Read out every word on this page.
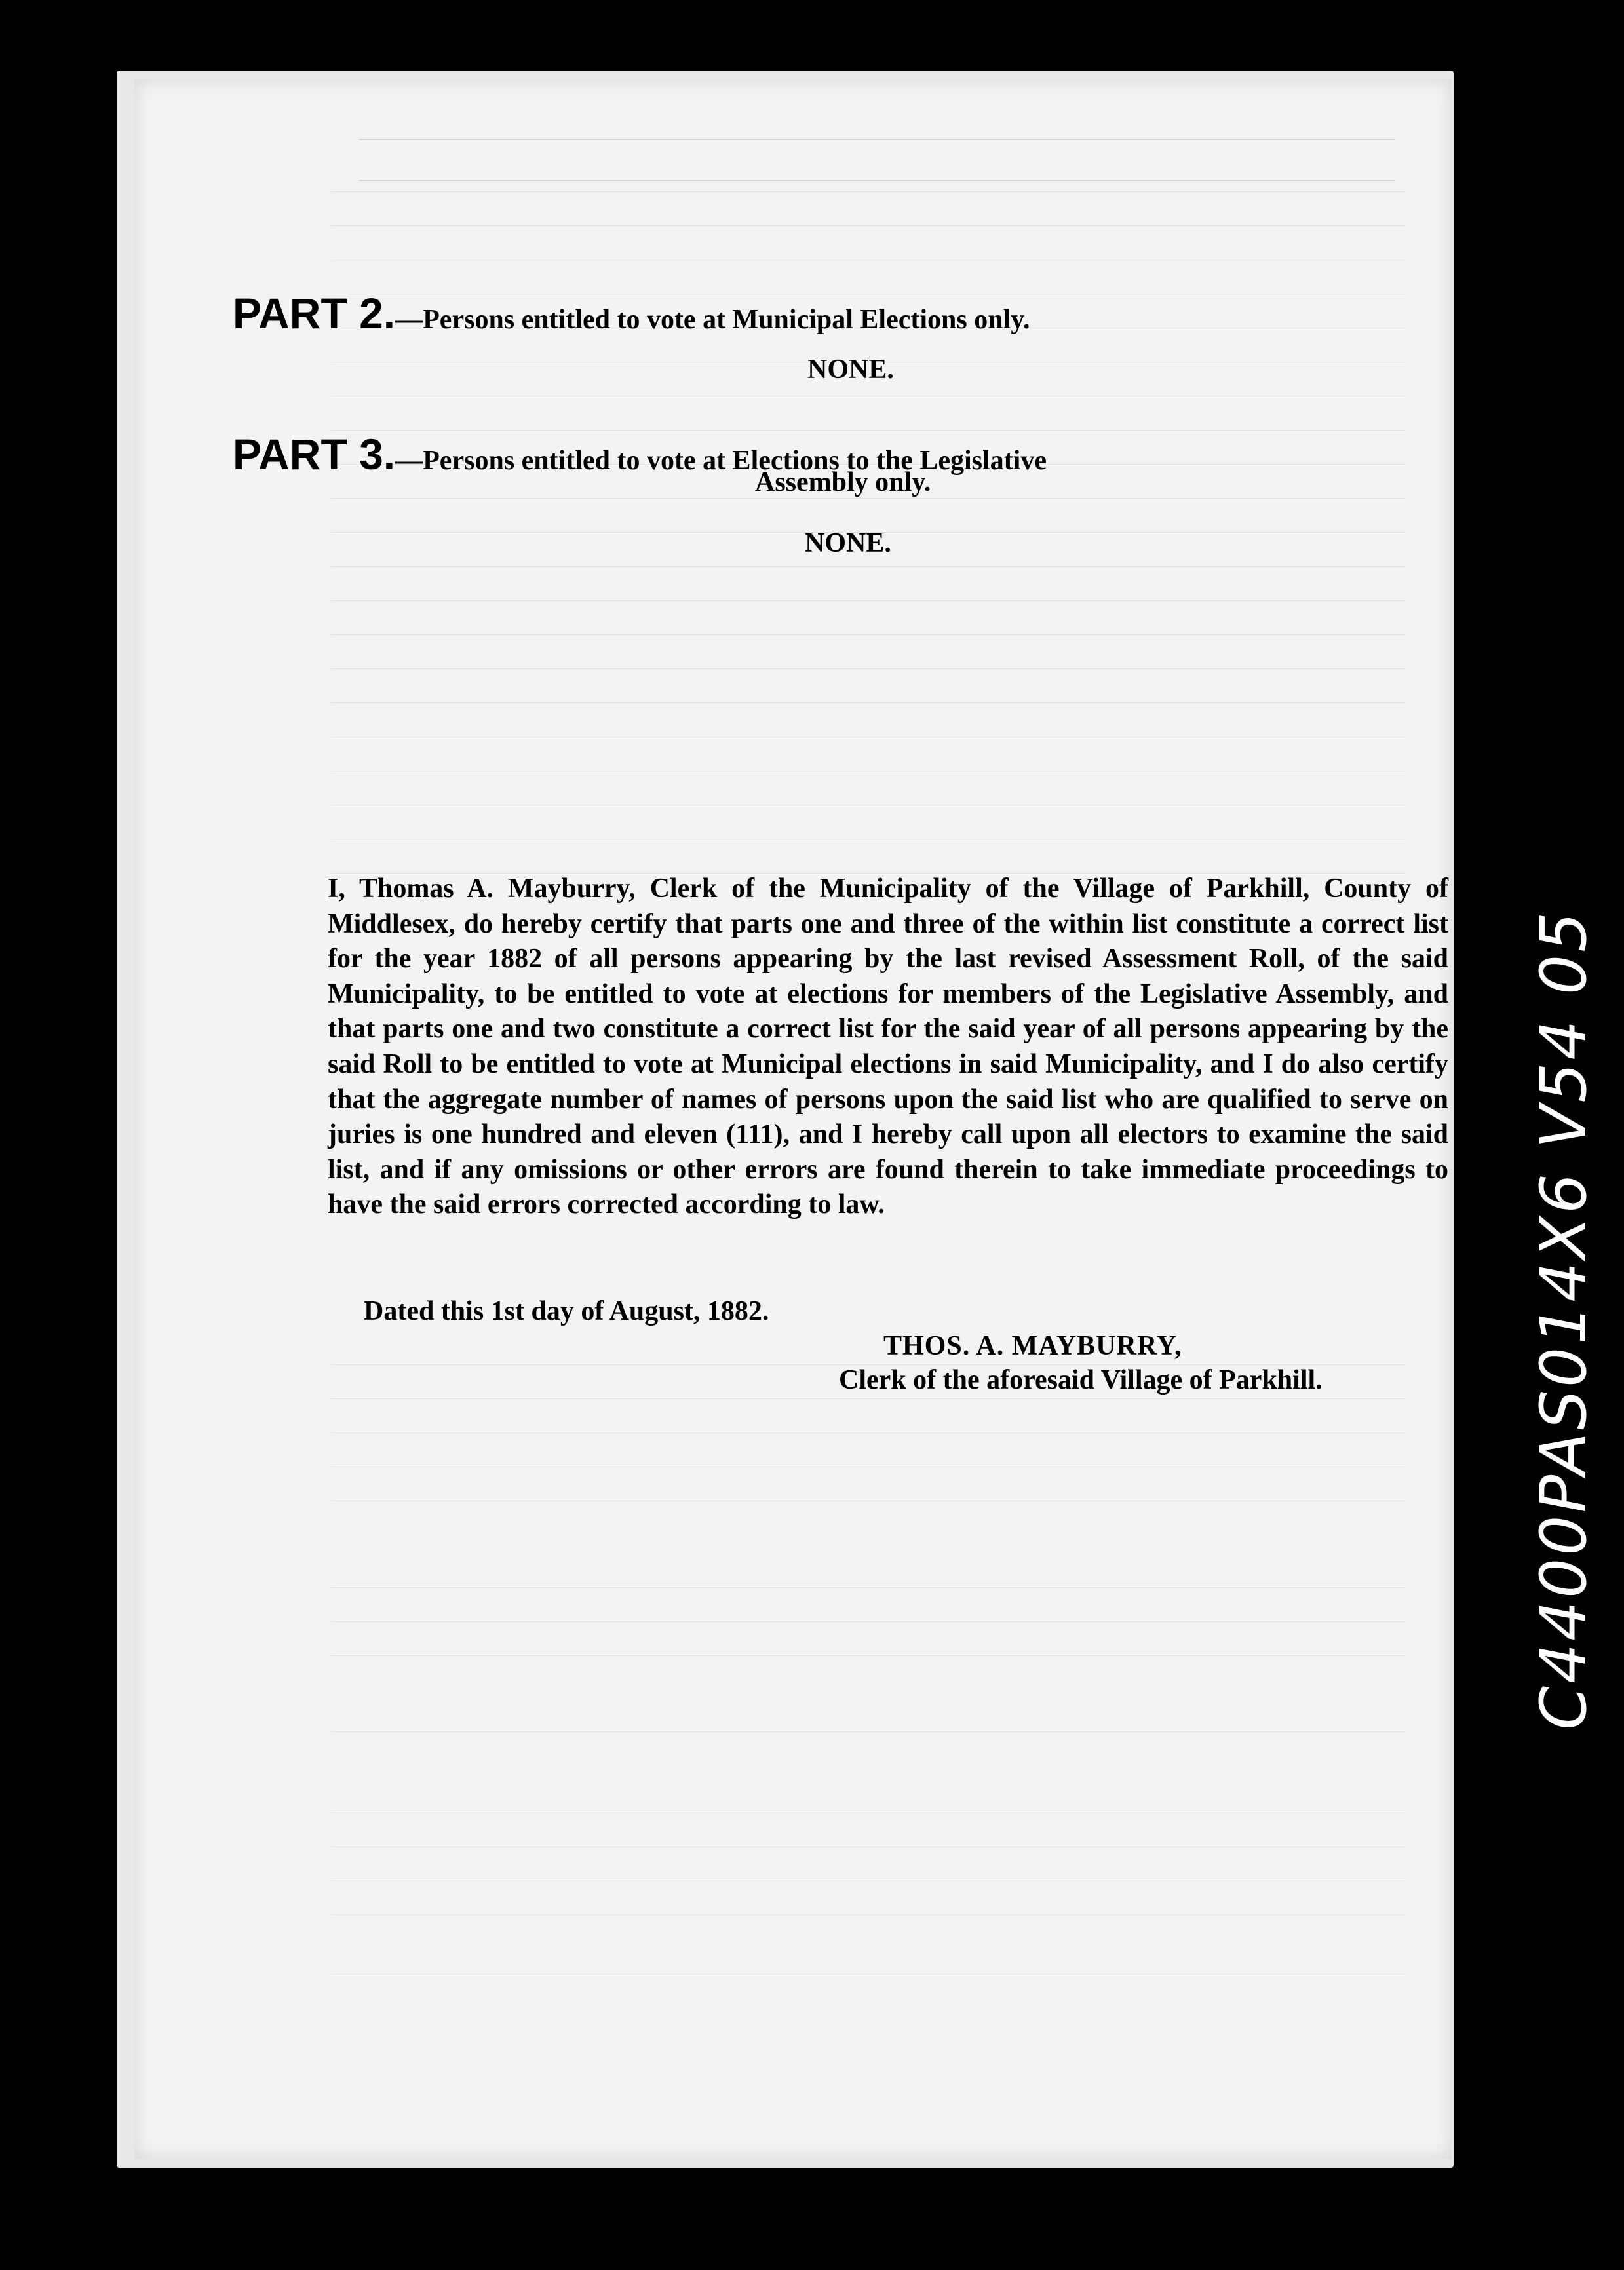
PART 2.—Persons entitled to vote at Municipal Elections only.
NONE.
PART 3.—Persons entitled to vote at Elections to the Legislative
Assembly only.
NONE.
I, Thomas A. Mayburry, Clerk of the Municipality of the Village of Parkhill, County of Middlesex, do hereby certify that parts one and three of the within list constitute a correct list for the year 1882 of all persons appearing by the last revised Assessment Roll, of the said Municipality, to be entitled to vote at elections for members of the Legislative Assembly, and that parts one and two constitute a correct list for the said year of all persons appearing by the said Roll to be entitled to vote at Municipal elections in said Municipality, and I do also certify that the aggregate number of names of persons upon the said list who are qualified to serve on juries is one hundred and eleven (111), and I hereby call upon all electors to examine the said list, and if any omissions or other errors are found therein to take immediate proceedings to have the said errors corrected according to law.
Dated this 1st day of August, 1882.
THOS. A. MAYBURRY,
Clerk of the aforesaid Village of Parkhill.	C4400PAS014X6 V54 05
